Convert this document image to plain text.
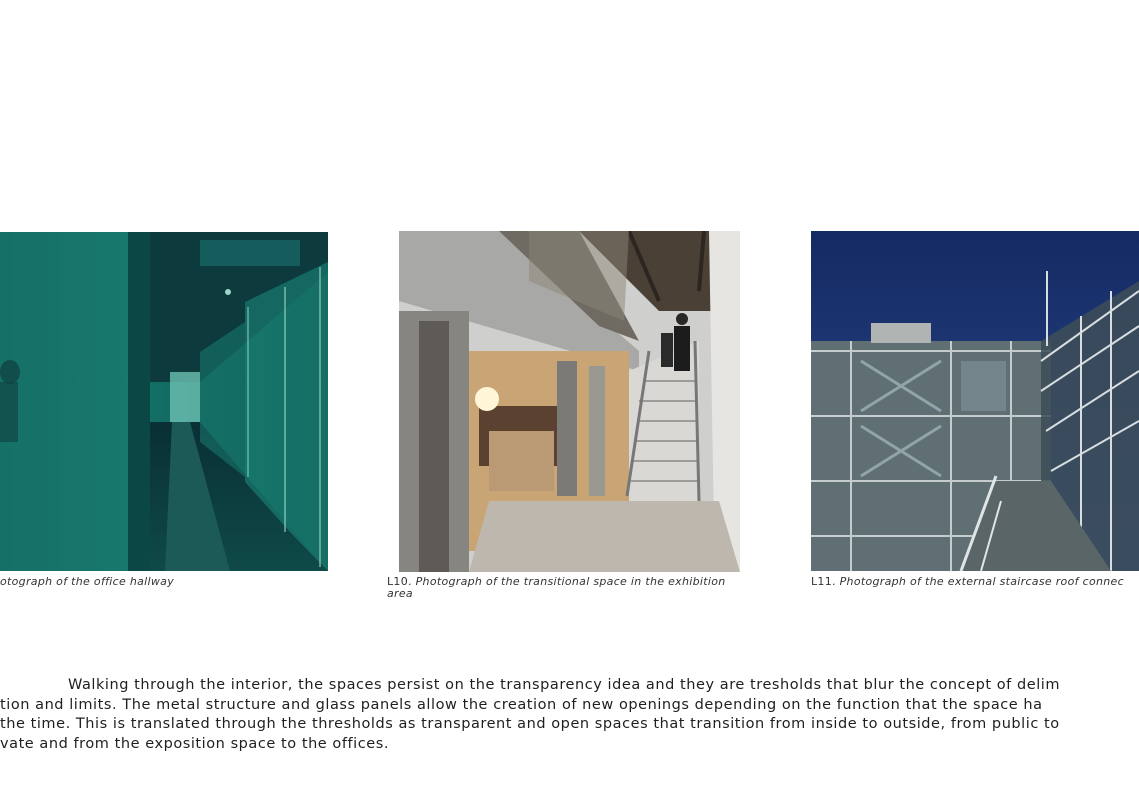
otograph of the office hallway	L10. Photograph of the transitional space in the exhibition
area
L11. Photograph of the external staircase roof connec
Walking through the interior, the spaces persist on the transparency idea and they are tresholds that blur the concept of delim
tion and limits. The metal structure and glass panels allow the creation of new openings depending on the function that the space ha
the time. This is translated through the thresholds as transparent and open spaces that transition from inside to outside, from public to
vate and from the exposition space to the offices.
